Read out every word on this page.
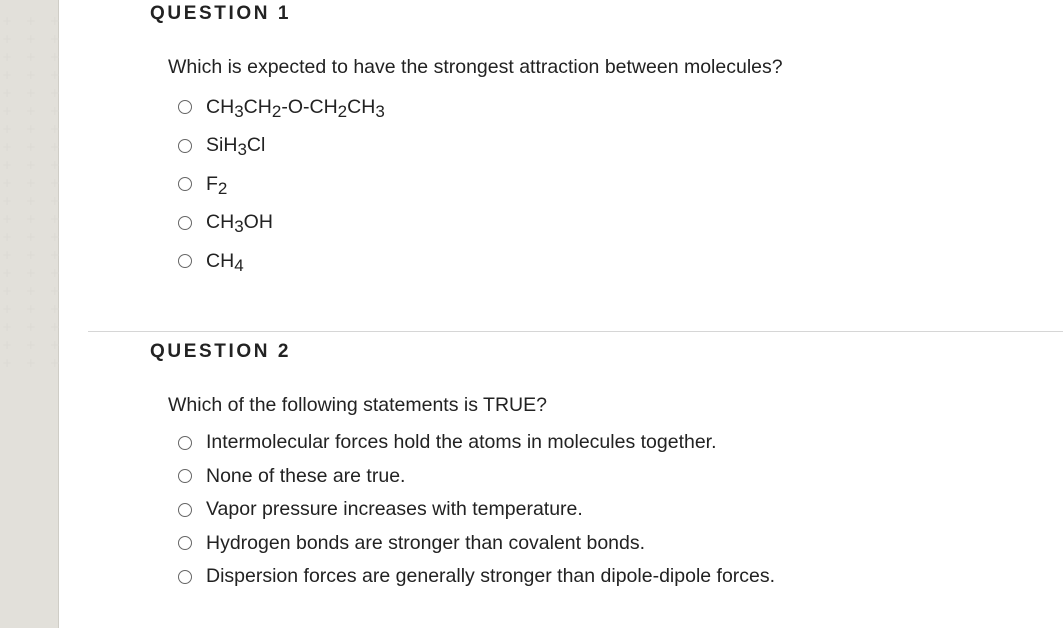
+ + +
+ + +
+ + +
+ + +
+ + +
+ + +
+ + +
+ + +
+ + +
+ + +
+ + +
+ + +
+ + +
+ + +
+ + +
+ + +
+ + +
+ + +
+ + +
+ + +
QUESTION 1
Which is expected to have the strongest attraction between molecules?
$CH_3CH_2-O-CH_2CH_3$
SiH$_3$Cl
$F_2$
$CH_3OH$
$CH_4$
QUESTION 2
Which of the following statements is TRUE?
Intermolecular forces hold the atoms in molecules together.
None of these are true.
Vapor pressure increases with temperature.
Hydrogen bonds are stronger than covalent bonds.
Dispersion forces are generally stronger than dipole-dipole forces.
